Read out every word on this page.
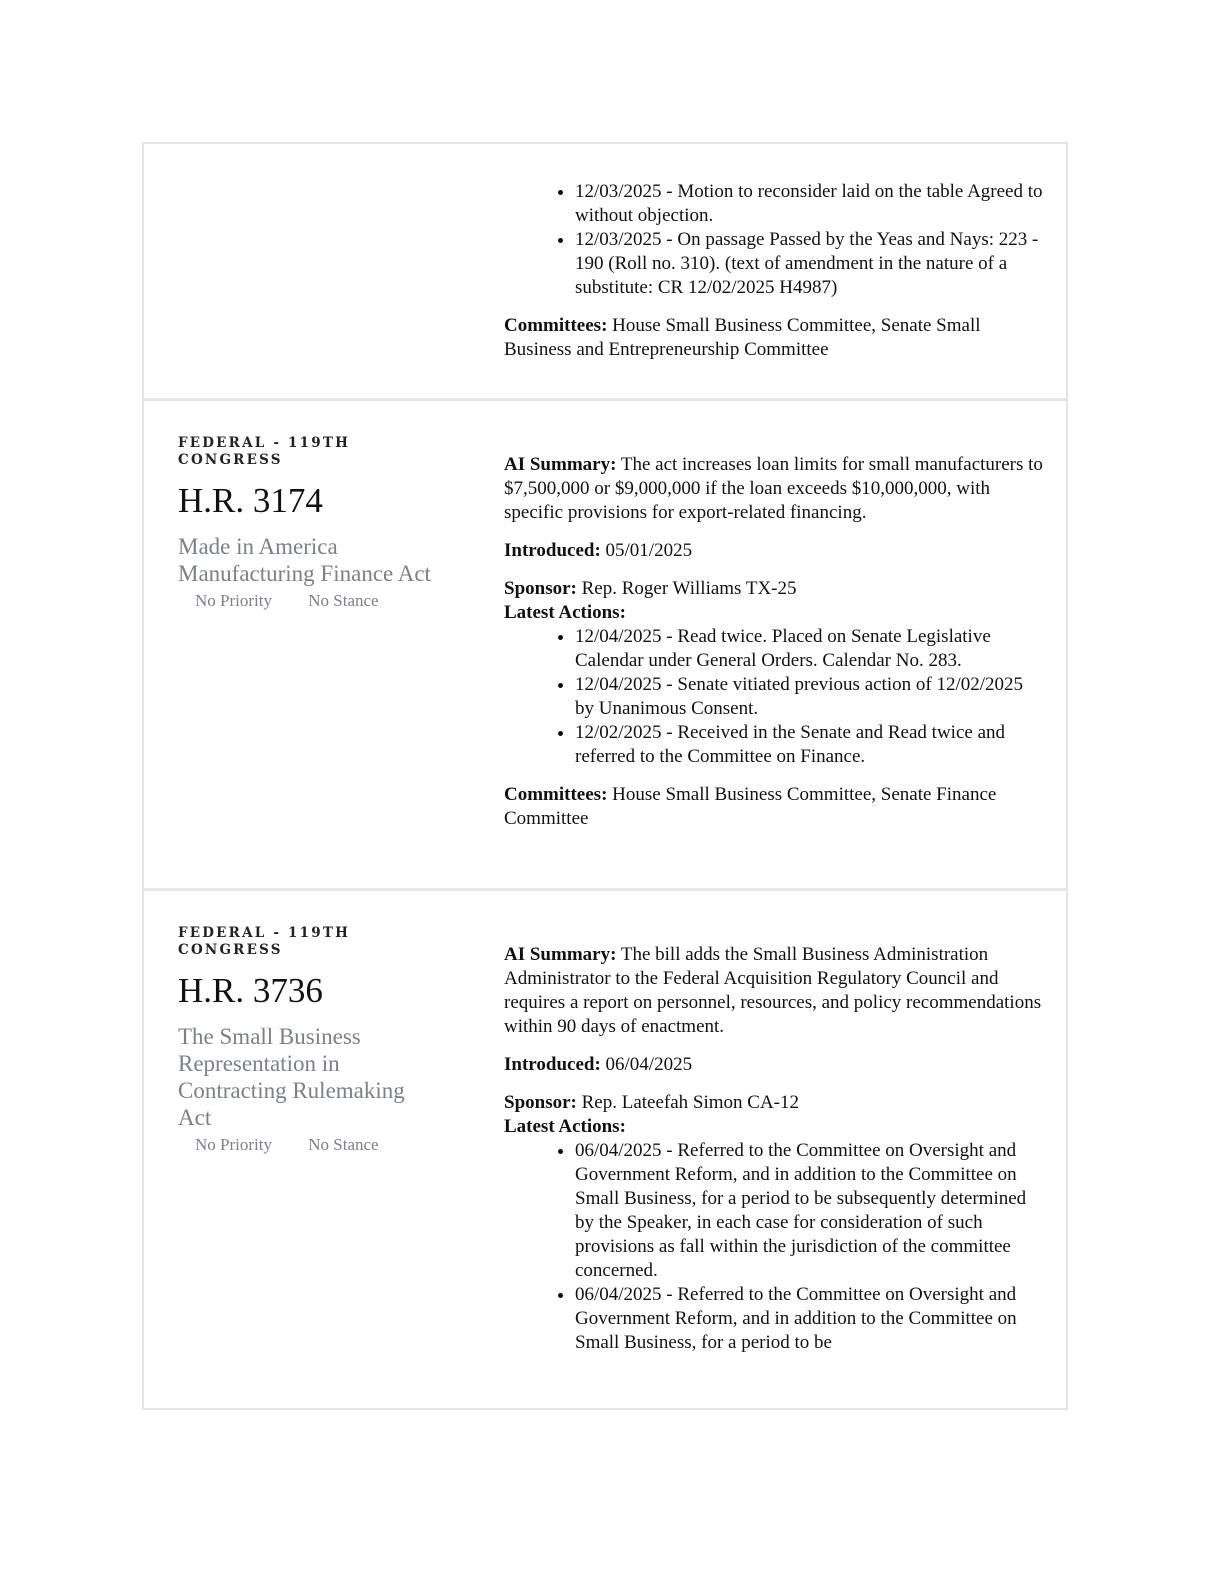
• 12/03/2025 - Motion to reconsider laid on the table Agreed to without objection.
• 12/03/2025 - On passage Passed by the Yeas and Nays: 223 - 190 (Roll no. 310). (text of amendment in the nature of a substitute: CR 12/02/2025 H4987)

Committees: House Small Business Committee, Senate Small Business and Entrepreneurship Committee

FEDERAL - 119TH CONGRESS
H.R. 3174
Made in America Manufacturing Finance Act
No Priority No Stance

AI Summary: The act increases loan limits for small manufacturers to $7,500,000 or $9,000,000 if the loan exceeds $10,000,000, with specific provisions for export-related financing.

Introduced: 05/01/2025

Sponsor: Rep. Roger Williams TX-25

Latest Actions:
• 12/04/2025 - Read twice. Placed on Senate Legislative Calendar under General Orders. Calendar No. 283.
• 12/04/2025 - Senate vitiated previous action of 12/02/2025 by Unanimous Consent.
• 12/02/2025 - Received in the Senate and Read twice and referred to the Committee on Finance.

Committees: House Small Business Committee, Senate Finance Committee

FEDERAL - 119TH CONGRESS
H.R. 3736
The Small Business Representation in Contracting Rulemaking Act
No Priority No Stance

AI Summary: The bill adds the Small Business Administration Administrator to the Federal Acquisition Regulatory Council and requires a report on personnel, resources, and policy recommendations within 90 days of enactment.

Introduced: 06/04/2025

Sponsor: Rep. Lateefah Simon CA-12

Latest Actions:
• 06/04/2025 - Referred to the Committee on Oversight and Government Reform, and in addition to the Committee on Small Business, for a period to be subsequently determined by the Speaker, in each case for consideration of such provisions as fall within the jurisdiction of the committee concerned.
• 06/04/2025 - Referred to the Committee on Oversight and Government Reform, and in addition to the Committee on Small Business, for a period to be
